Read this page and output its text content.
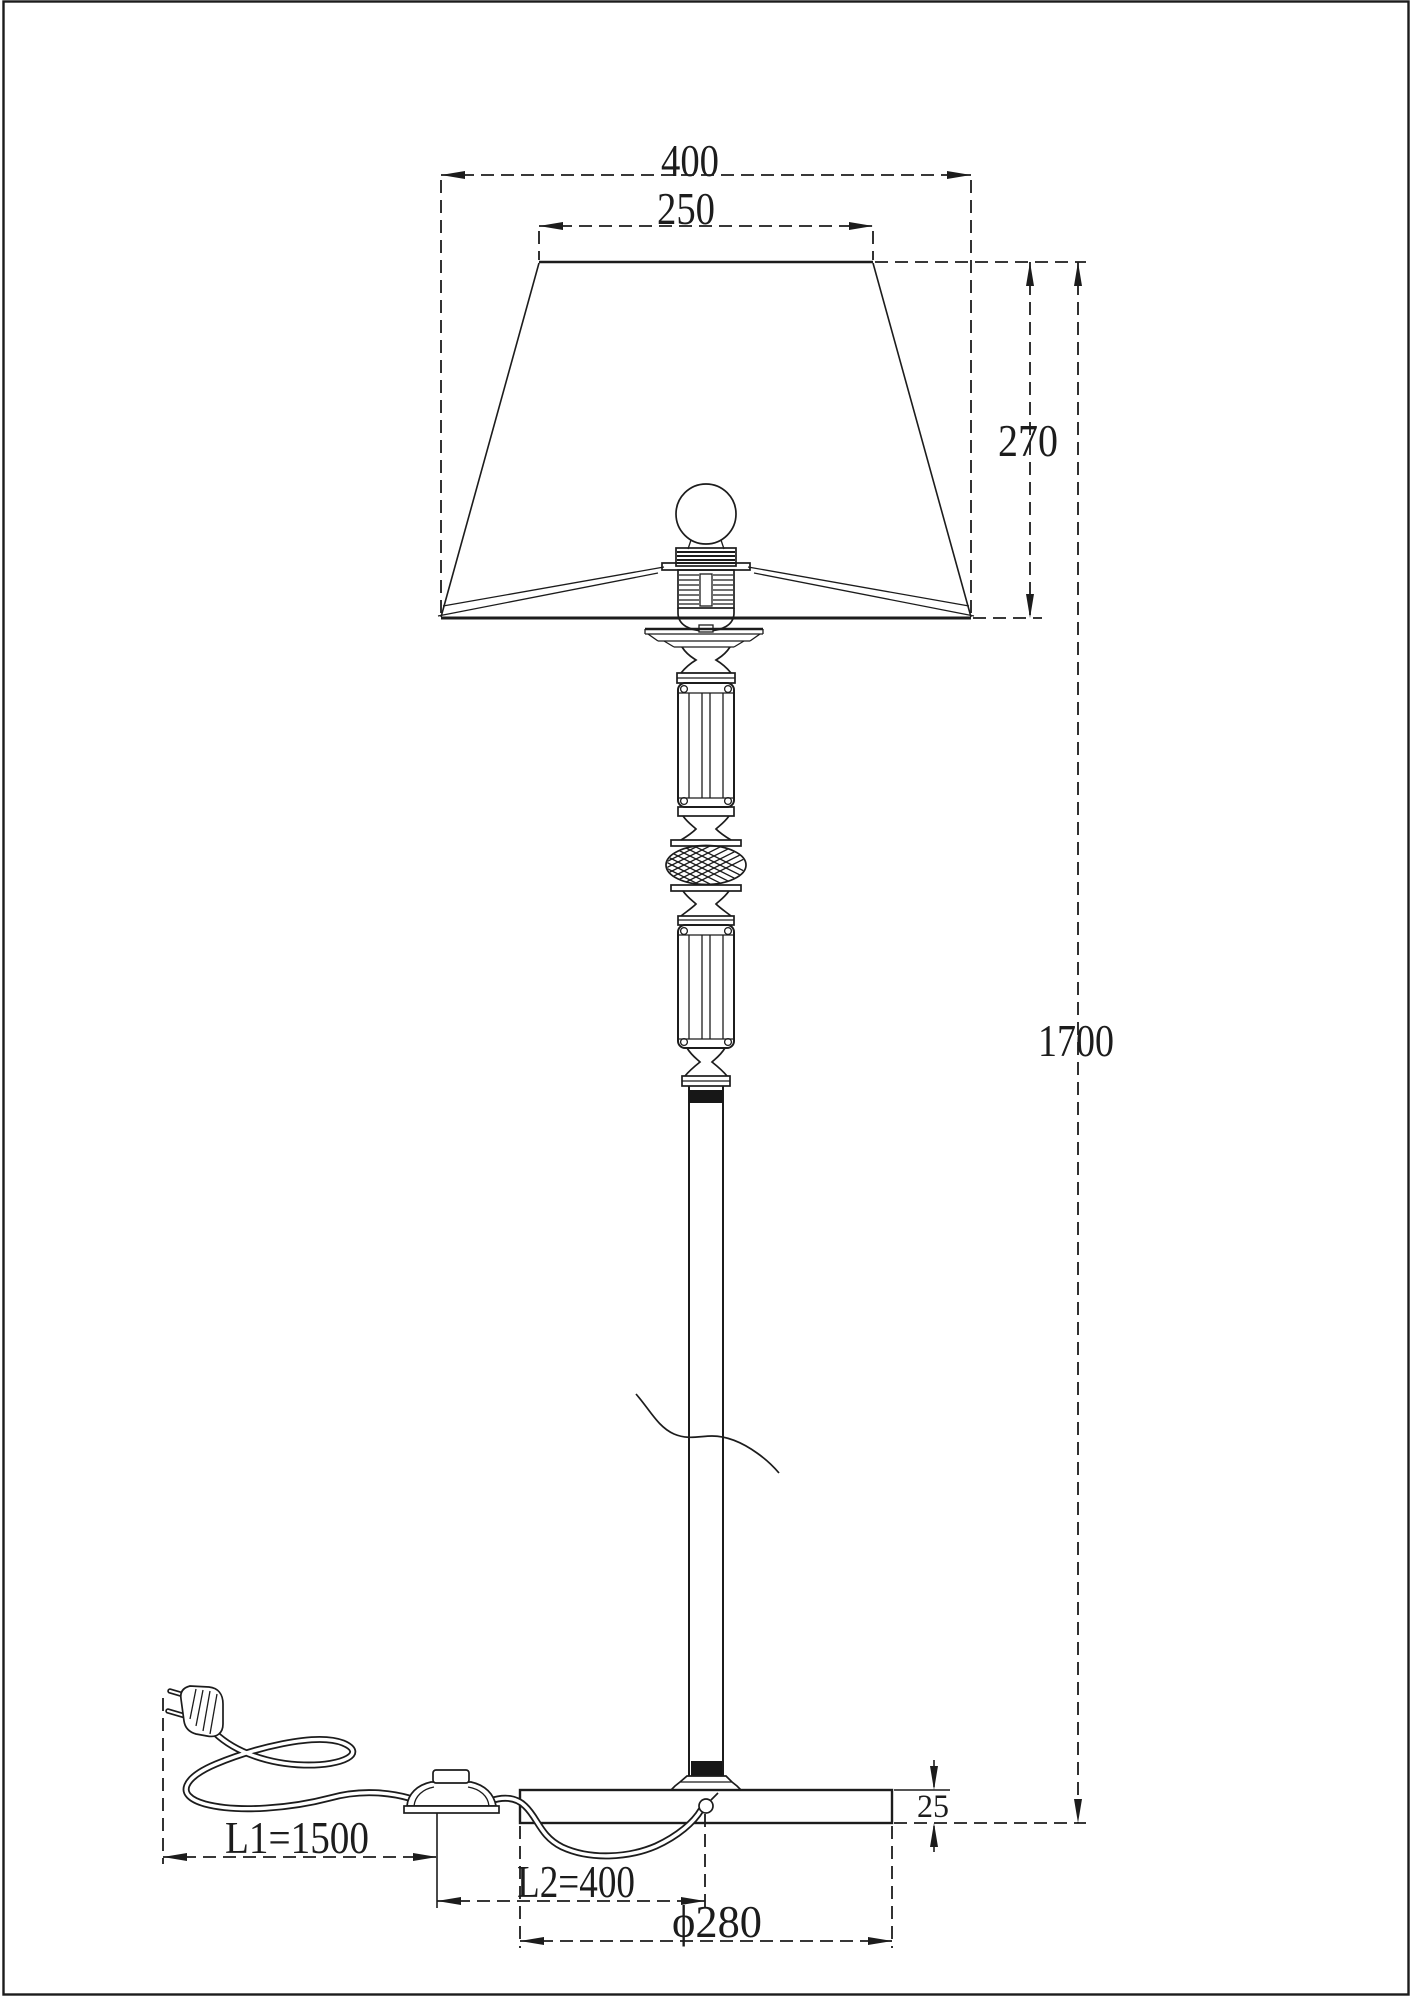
400
250
270
1700
25
L1=1500
L2=400
ϕ280
